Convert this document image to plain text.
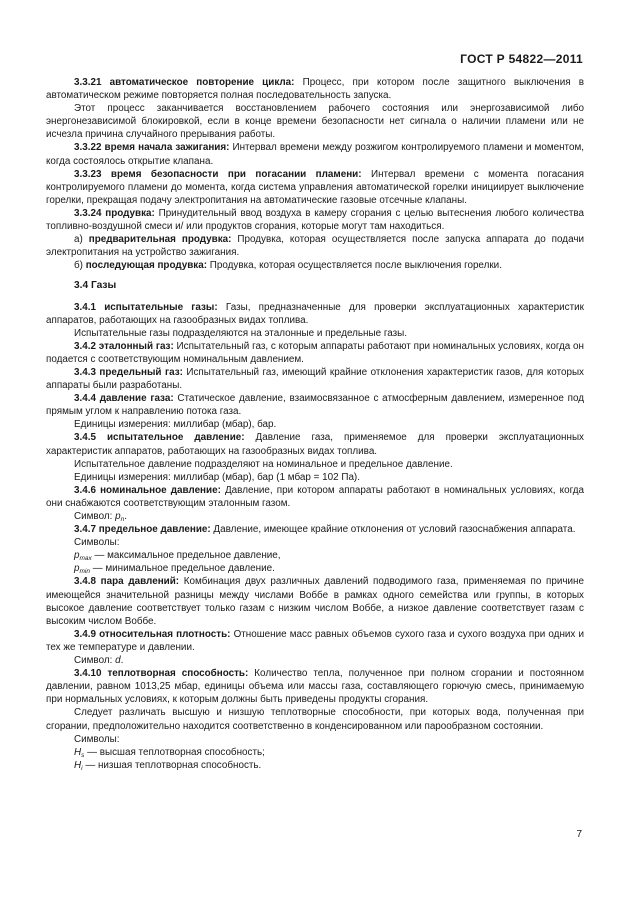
ГОСТ Р 54822—2011

3.3.21 автоматическое повторение цикла: Процесс, при котором после защитного выключения в автоматическом режиме повторяется полная последовательность запуска.

Этот процесс заканчивается восстановлением рабочего состояния или энергозависимой либо энергонезависимой блокировкой, если в конце времени безопасности нет сигнала о наличии пламени или не исчезла причина случайного прерывания работы.

3.3.22 время начала зажигания: Интервал времени между розжигом контролируемого пламени и моментом, когда состоялось открытие клапана.

3.3.23 время безопасности при погасании пламени: Интервал времени с момента погасания контролируемого пламени до момента, когда система управления автоматической горелки инициирует выключение горелки, прекращая подачу электропитания на автоматические газовые отсечные клапаны.

3.3.24 продувка: Принудительный ввод воздуха в камеру сгорания с целью вытеснения любого количества топливно-воздушной смеси и/ или продуктов сгорания, которые могут там находиться.

а) предварительная продувка: Продувка, которая осуществляется после запуска аппарата до подачи электропитания на устройство зажигания.

б) последующая продувка: Продувка, которая осуществляется после выключения горелки.

3.4 Газы

3.4.1 испытательные газы: Газы, предназначенные для проверки эксплуатационных характеристик аппаратов, работающих на газообразных видах топлива.

Испытательные газы подразделяются на эталонные и предельные газы.

3.4.2 эталонный газ: Испытательный газ, с которым аппараты работают при номинальных условиях, когда он подается с соответствующим номинальным давлением.

3.4.3 предельный газ: Испытательный газ, имеющий крайние отклонения характеристик газов, для которых аппараты были разработаны.

3.4.4 давление газа: Статическое давление, взаимосвязанное с атмосферным давлением, измеренное под прямым углом к направлению потока газа.

Единицы измерения: миллибар (мбар), бар.

3.4.5 испытательное давление: Давление газа, применяемое для проверки эксплуатационных характеристик аппаратов, работающих на газообразных видах топлива.

Испытательное давление подразделяют на номинальное и предельное давление.

Единицы измерения: миллибар (мбар), бар (1 мбар = 102 Па).

3.4.6 номинальное давление: Давление, при котором аппараты работают в номинальных условиях, когда они снабжаются соответствующим эталонным газом.

Символ: $p_n$.

3.4.7 предельное давление: Давление, имеющее крайние отклонения от условий газоснабжения аппарата.

Символы:

$p_{max}$ — максимальное предельное давление,

$p_{min}$ — минимальное предельное давление.

3.4.8 пара давлений: Комбинация двух различных давлений подводимого газа, применяемая по причине имеющейся значительной разницы между числами Воббе в рамках одного семейства или группы, в которых высокое давление соответствует только газам с низким числом Воббе, а низкое давление соответствует газам с высоким числом Воббе.

3.4.9 относительная плотность: Отношение масс равных объемов сухого газа и сухого воздуха при одних и тех же температуре и давлении.

Символ: d.

3.4.10 теплотворная способность: Количество тепла, полученное при полном сгорании и постоянном давлении, равном 1013,25 мбар, единицы объема или массы газа, составляющего горючую смесь, принимаемую при нормальных условиях, к которым должны быть приведены продукты сгорания.

Следует различать высшую и низшую теплотворные способности, при которых вода, полученная при сгорании, предположительно находится соответственно в конденсированном или парообразном состоянии.

Символы:

$H_s$ — высшая теплотворная способность;

$H_i$ — низшая теплотворная способность.

7
